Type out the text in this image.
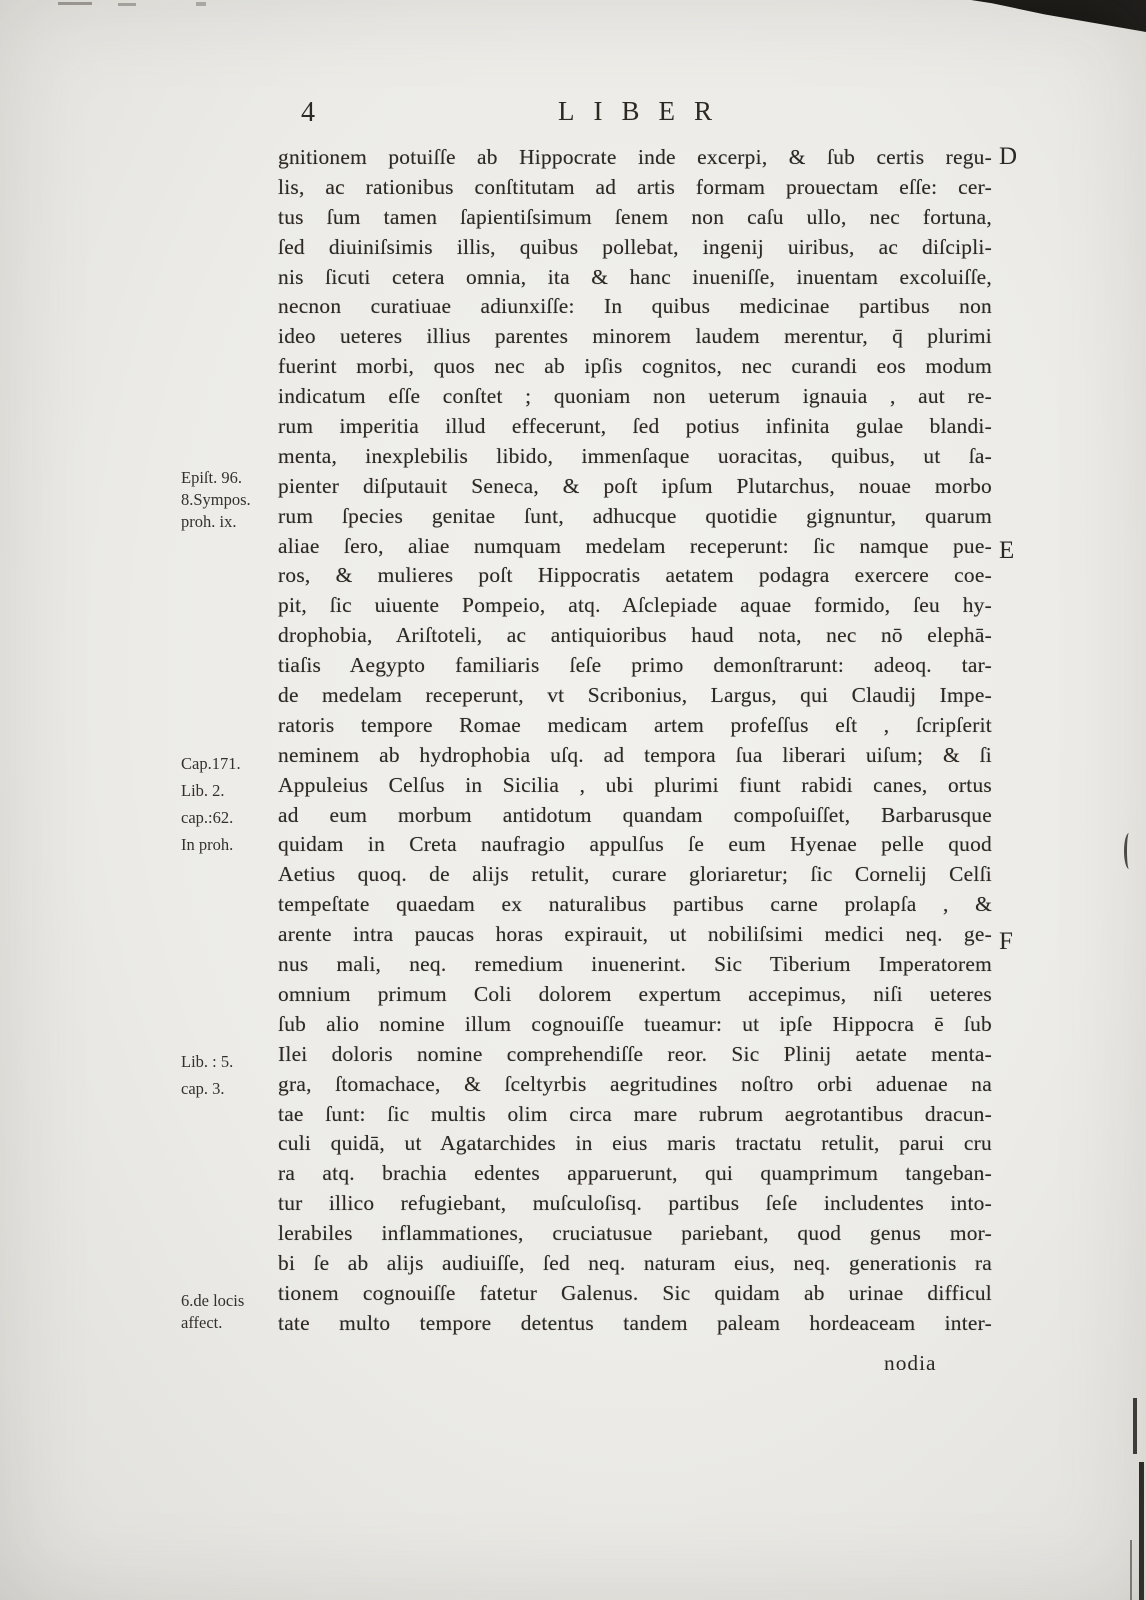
4	LIBER
Epiſt. 96.
8.Sympos.
proh. ix.
Cap.171.
Lib. 2.
cap.:62.
In proh.
Lib. : 5.
cap. 3.
6.de locis
affect.
gnitionem potuiſſe ab Hippocrate inde excerpi, & ſub certis regu-
lis, ac rationibus conſtitutam ad artis formam prouectam eſſe: cer-
tus ſum tamen ſapientiſsimum ſenem non caſu ullo, nec fortuna,
ſed diuiniſsimis illis, quibus pollebat, ingenij uiribus, ac diſcipli-
nis ſicuti cetera omnia, ita & hanc inueniſſe, inuentam excoluiſſe,
necnon curatiuae adiunxiſſe: In quibus medicinae partibus non
ideo ueteres illius parentes minorem laudem merentur, q̄ plurimi
fuerint morbi, quos nec ab ipſis cognitos, nec curandi eos modum
indicatum eſſe conſtet ; quoniam non ueterum ignauia , aut re-
rum imperitia illud effecerunt, ſed potius infinita gulae blandi-
menta, inexplebilis libido, immenſaque uoracitas, quibus, ut ſa-
pienter diſputauit Seneca, & poſt ipſum Plutarchus, nouae morbo
rum ſpecies genitae ſunt, adhucque quotidie gignuntur, quarum
aliae ſero, aliae numquam medelam receperunt: ſic namque pue-
ros, & mulieres poſt Hippocratis aetatem podagra exercere coe-
pit, ſic uiuente Pompeio, atq. Aſclepiade aquae formido, ſeu hy-
drophobia, Ariſtoteli, ac antiquioribus haud nota, nec nō elephā-
tiaſis Aegypto familiaris ſeſe primo demonſtrarunt: adeoq. tar-
de medelam receperunt, vt Scribonius, Largus, qui Claudij Impe-
ratoris tempore Romae medicam artem profeſſus eſt , ſcripſerit
neminem ab hydrophobia uſq. ad tempora ſua liberari uiſum; & ſi
Appuleius Celſus in Sicilia , ubi plurimi fiunt rabidi canes, ortus
ad eum morbum antidotum quandam compoſuiſſet, Barbarusque
quidam in Creta naufragio appulſus ſe eum Hyenae pelle quod
Aetius quoq. de alijs retulit, curare gloriaretur; ſic Cornelij Celſi
tempeſtate quaedam ex naturalibus partibus carne prolapſa , &
arente intra paucas horas expirauit, ut nobiliſsimi medici neq. ge-
nus mali, neq. remedium inuenerint. Sic Tiberium Imperatorem
omnium primum Coli dolorem expertum accepimus, niſi ueteres
ſub alio nomine illum cognouiſſe tueamur: ut ipſe Hippocra ē ſub
Ilei doloris nomine comprehendiſſe reor. Sic Plinij aetate menta-
gra, ſtomachace, & ſceltyrbis aegritudines noſtro orbi aduenae na
tae ſunt: ſic multis olim circa mare rubrum aegrotantibus dracun-
culi quidā, ut Agatarchides in eius maris tractatu retulit, parui cru
ra atq. brachia edentes apparuerunt, qui quamprimum tangeban-
tur illico refugiebant, muſculoſisq. partibus ſeſe includentes into-
lerabiles inflammationes, cruciatusue pariebant, quod genus mor-
bi ſe ab alijs audiuiſſe, ſed neq. naturam eius, neq. generationis ra
tionem cognouiſſe fatetur Galenus. Sic quidam ab urinae difficul
tate multo tempore detentus tandem paleam hordeaceam inter-
D
E
F
nodia
